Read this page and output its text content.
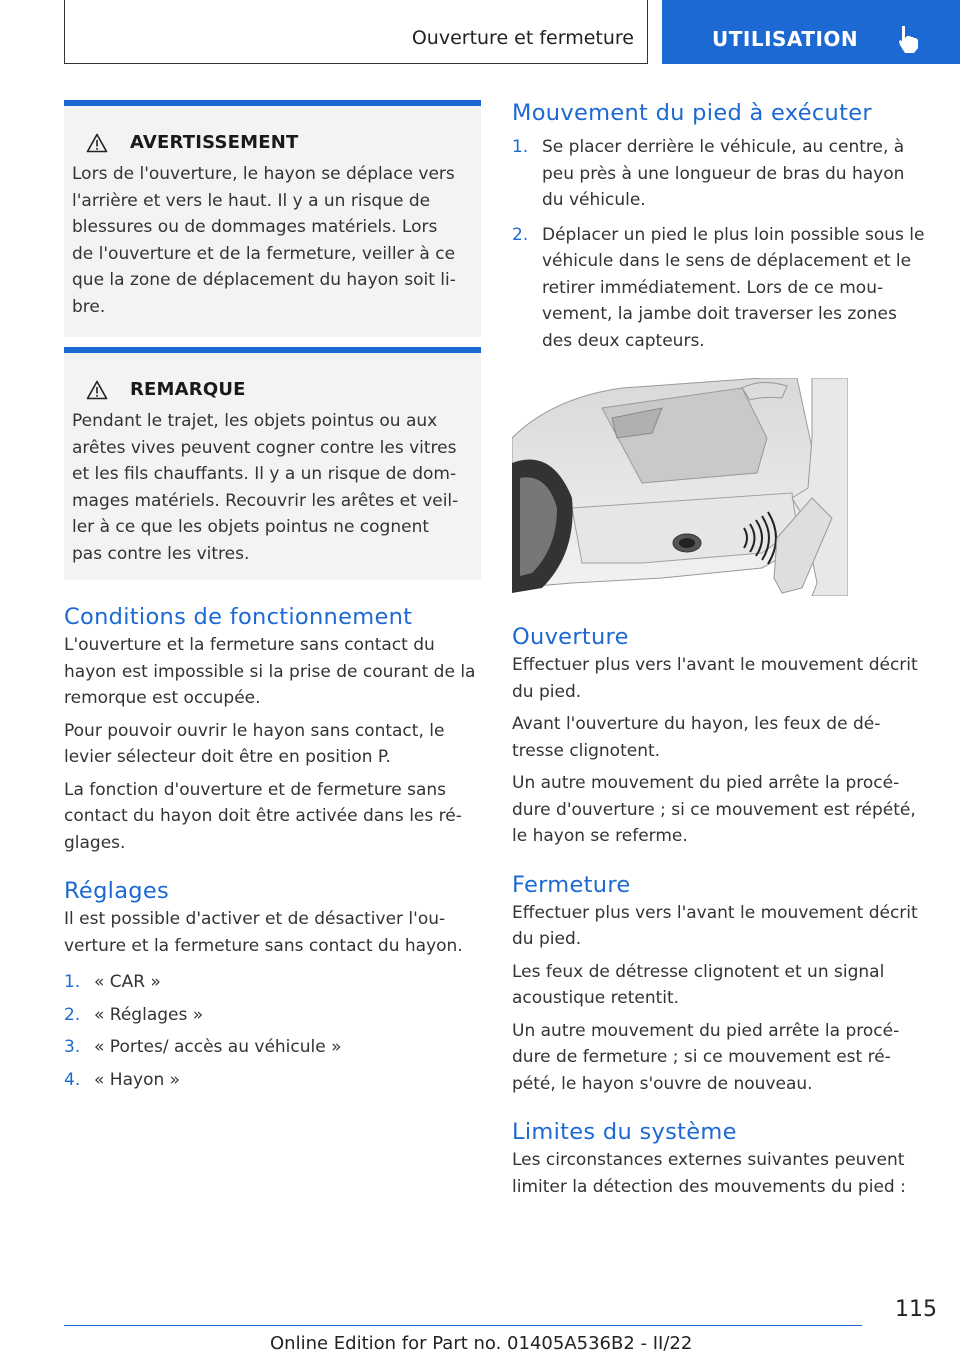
Ouverture et fermeture	UTILISATION
AVERTISSEMENT
Lors de l'ouverture, le hayon se déplace vers l'arrière et vers le haut. Il y a un risque de blessures ou de dommages matériels. Lors de l'ouverture et de la fermeture, veiller à ce que la zone de déplacement du hayon soit li-bre.
REMARQUE
Pendant le trajet, les objets pointus ou aux arêtes vives peuvent cogner contre les vitres et les fils chauffants. Il y a un risque de dom-mages matériels. Recouvrir les arêtes et veil-ler à ce que les objets pointus ne cognent pas contre les vitres.
Conditions de fonctionnement

L'ouverture et la fermeture sans contact du hayon est impossible si la prise de courant de la remorque est occupée.

Pour pouvoir ouvrir le hayon sans contact, le levier sélecteur doit être en position P.

La fonction d'ouverture et de fermeture sans contact du hayon doit être activée dans les ré-glages.

Réglages

Il est possible d'activer et de désactiver l'ou-verture et la fermeture sans contact du hayon.

1. « CAR »
2. « Réglages »
3. « Portes/ accès au véhicule »
4. « Hayon »
Mouvement du pied à exécuter
1. Se placer derrière le véhicule, au centre, à peu près à une longueur de bras du hayon du véhicule.
2. Déplacer un pied le plus loin possible sous le véhicule dans le sens de déplacement et le retirer immédiatement. Lors de ce mou-vement, la jambe doit traverser les zones des deux capteurs.
Ouverture

Effectuer plus vers l'avant le mouvement décrit du pied.

Avant l'ouverture du hayon, les feux de dé-tresse clignotent.

Un autre mouvement du pied arrête la procé-dure d'ouverture ; si ce mouvement est répété, le hayon se referme.

Fermeture

Effectuer plus vers l'avant le mouvement décrit du pied.

Les feux de détresse clignotent et un signal acoustique retentit.

Un autre mouvement du pied arrête la procé-dure de fermeture ; si ce mouvement est ré-pété, le hayon s'ouvre de nouveau.

Limites du système

Les circonstances externes suivantes peuvent limiter la détection des mouvements du pied :

115
Online Edition for Part no. 01405A536B2 - II/22
